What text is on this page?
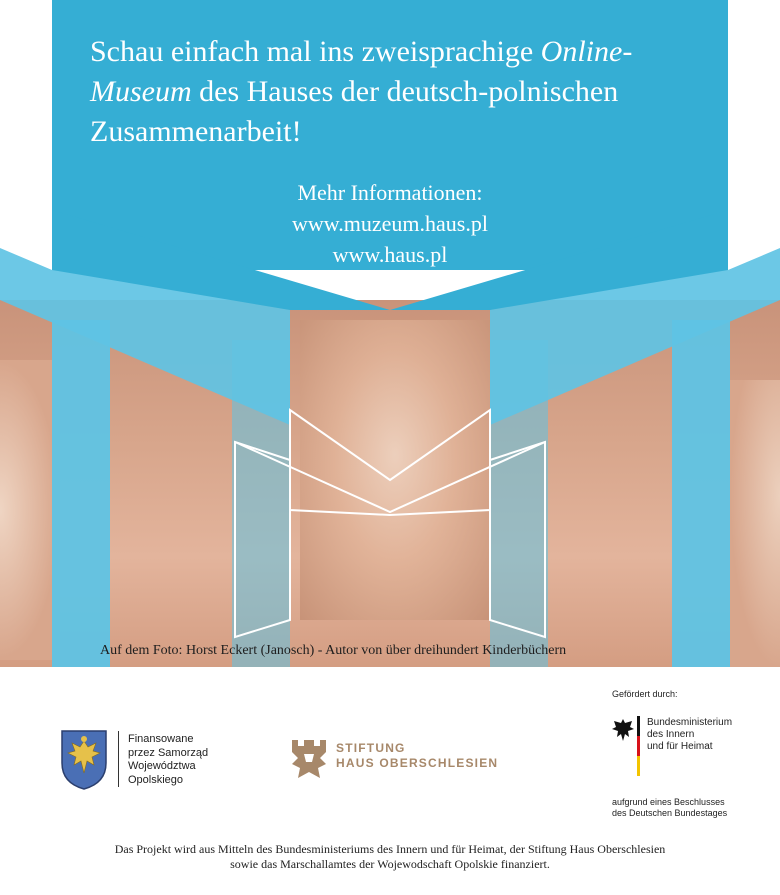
Schau einfach mal ins zweisprachige Online-Museum des Hauses der deutsch-polnischen Zusammenarbeit!
Mehr Informationen:
www.muzeum.haus.pl
www.haus.pl
Auf dem Foto: Horst Eckert (Janosch) - Autor von über dreihundert Kinderbüchern
Finansowane
przez Samorząd
Województwa
Opolskiego
STIFTUNG
HAUS OBERSCHLESIEN
Gefördert durch:
Bundesministerium
des Innern
und für Heimat
aufgrund eines Beschlusses
des Deutschen Bundestages
Das Projekt wird aus Mitteln des Bundesministeriums des Innern und für Heimat, der Stiftung Haus Oberschlesien
sowie das Marschallamtes der Wojewodschaft Opolskie finanziert.
